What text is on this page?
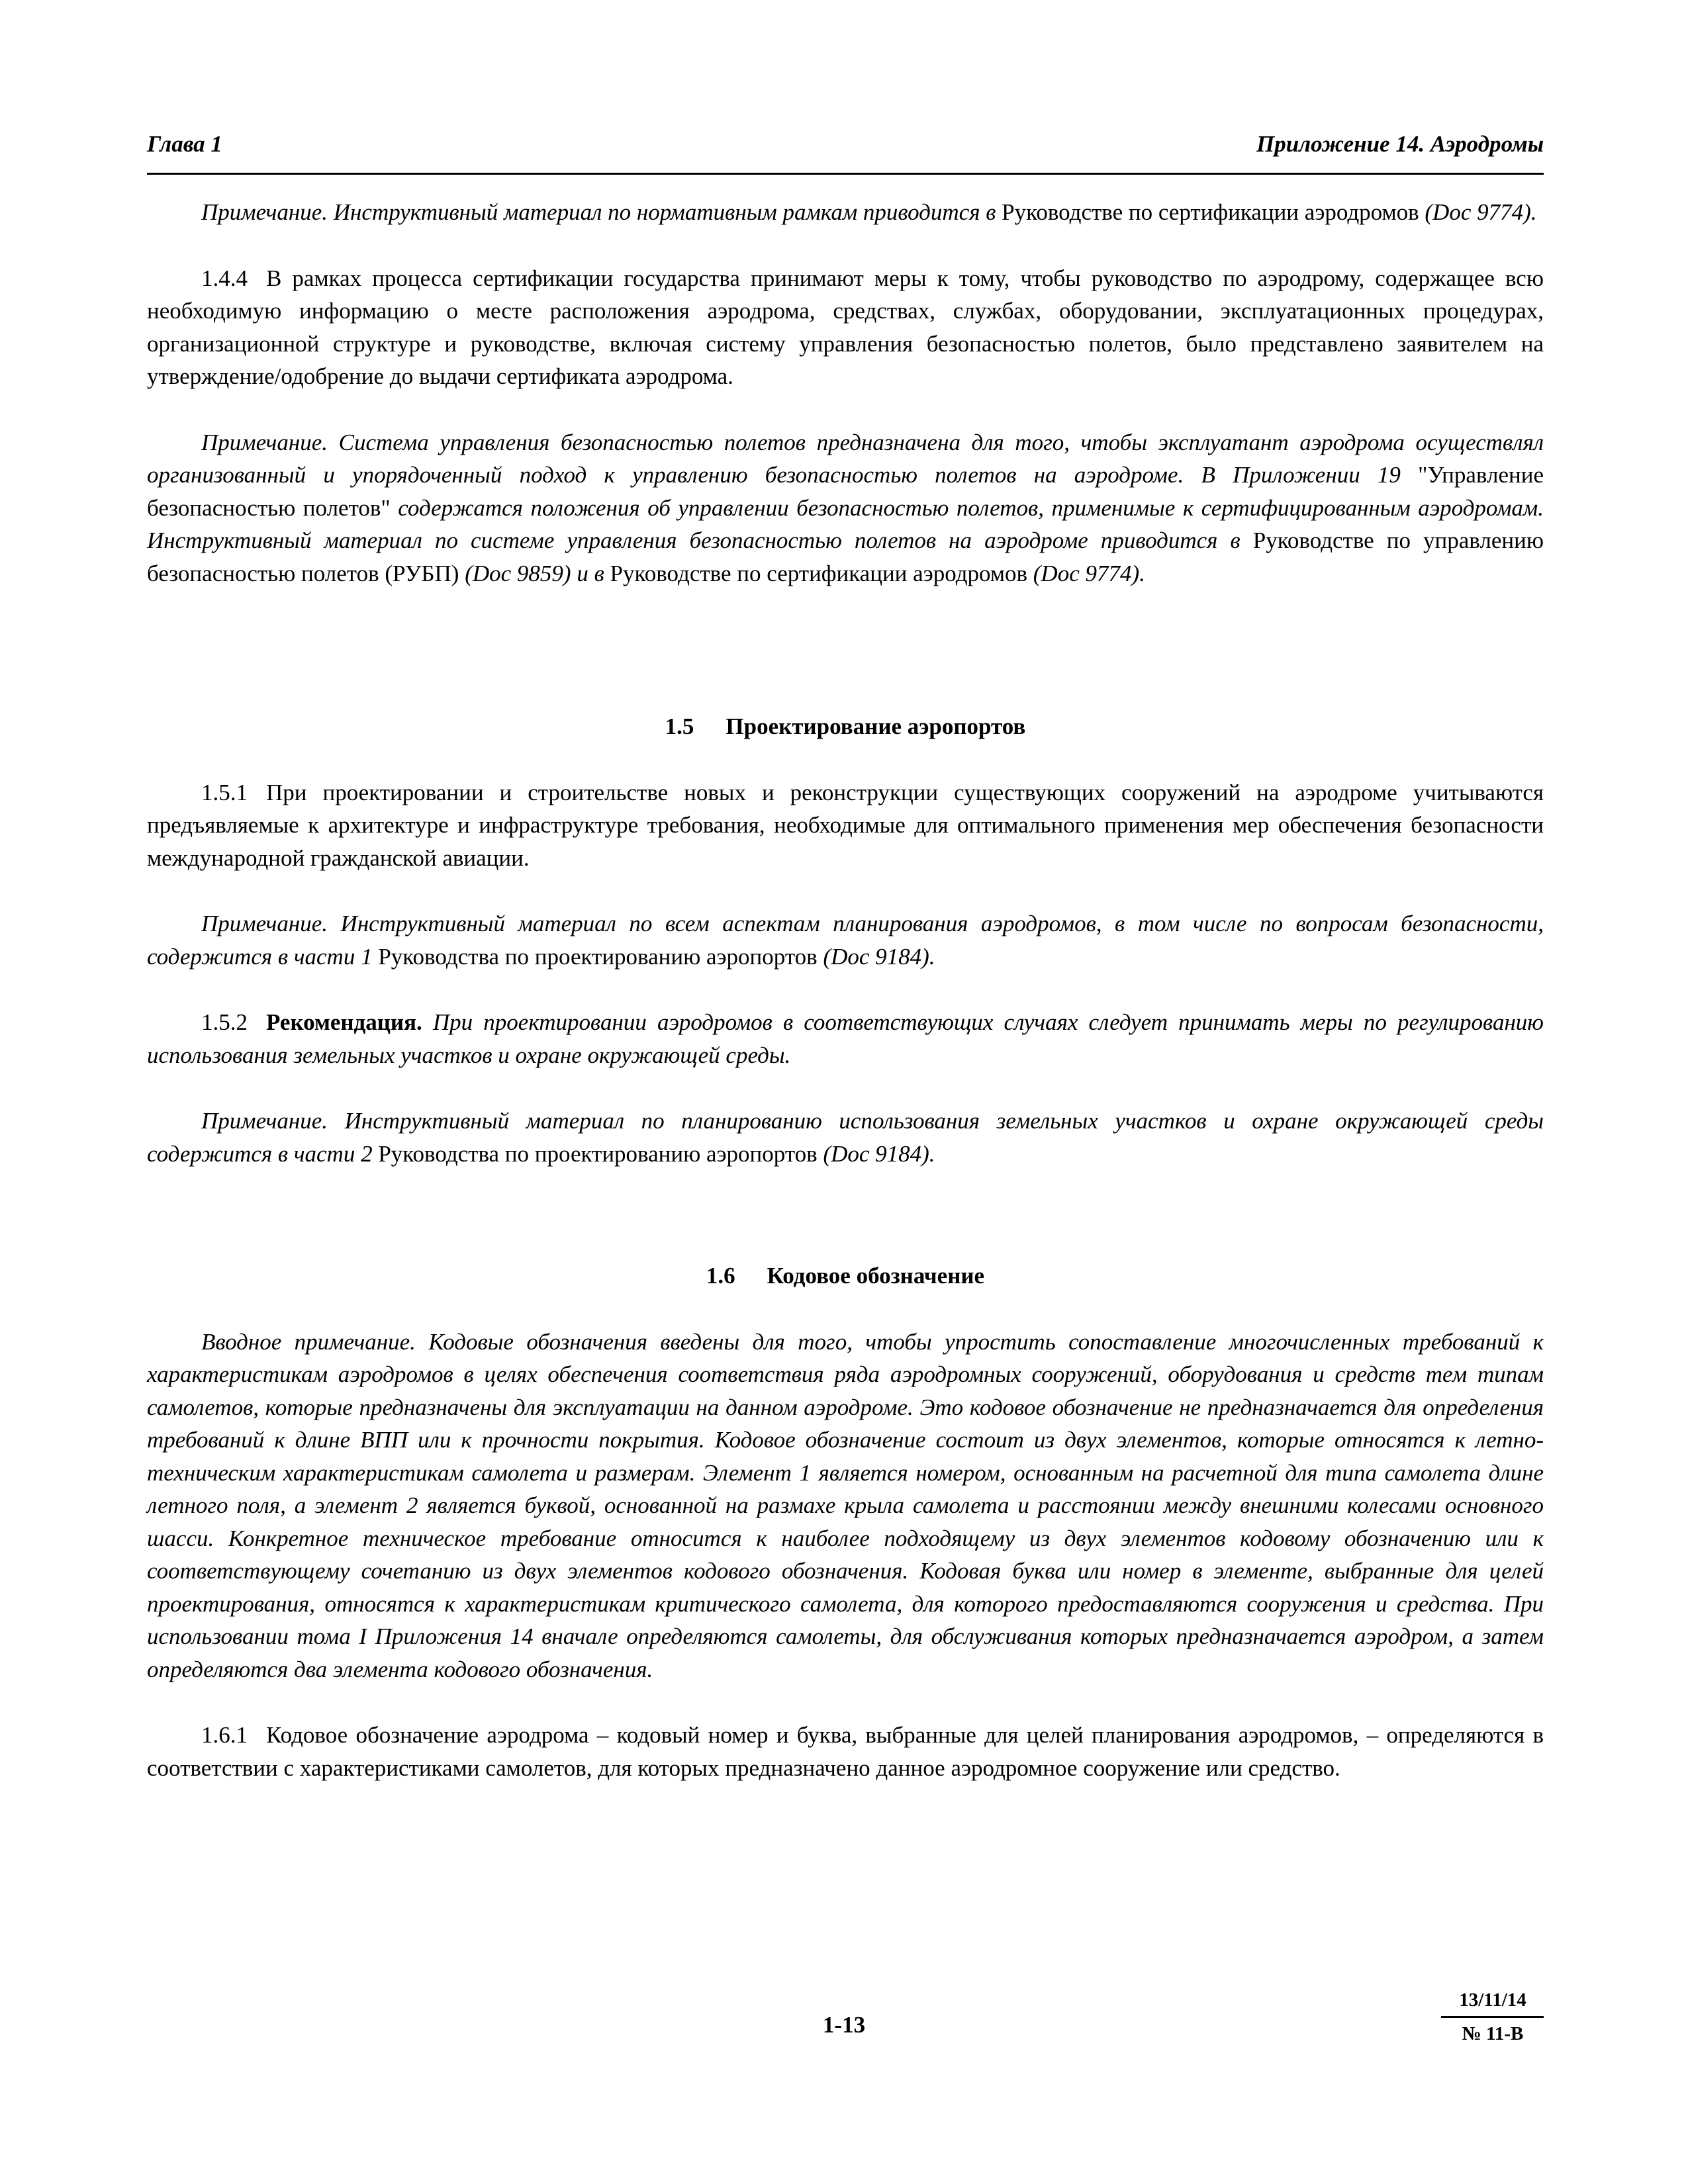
Глава 1	Приложение 14. Аэродромы

Примечание. Инструктивный материал по нормативным рамкам приводится в Руководстве по сертификации аэродромов (Doc 9774).

1.4.4 В рамках процесса сертификации государства принимают меры к тому, чтобы руководство по аэродрому, содержащее всю необходимую информацию о месте расположения аэродрома, средствах, службах, оборудовании, эксплуатационных процедурах, организационной структуре и руководстве, включая систему управления безопасностью полетов, было представлено заявителем на утверждение/одобрение до выдачи сертификата аэродрома.

Примечание. Система управления безопасностью полетов предназначена для того, чтобы эксплуатант аэродрома осуществлял организованный и упорядоченный подход к управлению безопасностью полетов на аэродроме. В Приложении 19 "Управление безопасностью полетов" содержатся положения об управлении безопасностью полетов, применимые к сертифицированным аэродромам. Инструктивный материал по системе управления безопасностью полетов на аэродроме приводится в Руководстве по управлению безопасностью полетов (РУБП) (Doc 9859) и в Руководстве по сертификации аэродромов (Doc 9774).

1.5 Проектирование аэропортов

1.5.1 При проектировании и строительстве новых и реконструкции существующих сооружений на аэродроме учитываются предъявляемые к архитектуре и инфраструктуре требования, необходимые для оптимального применения мер обеспечения безопасности международной гражданской авиации.

Примечание. Инструктивный материал по всем аспектам планирования аэродромов, в том числе по вопросам безопасности, содержится в части 1 Руководства по проектированию аэропортов (Doc 9184).

1.5.2 Рекомендация. При проектировании аэродромов в соответствующих случаях следует принимать меры по регулированию использования земельных участков и охране окружающей среды.

Примечание. Инструктивный материал по планированию использования земельных участков и охране окружающей среды содержится в части 2 Руководства по проектированию аэропортов (Doc 9184).

1.6 Кодовое обозначение

Вводное примечание. Кодовые обозначения введены для того, чтобы упростить сопоставление многочисленных требований к характеристикам аэродромов в целях обеспечения соответствия ряда аэродромных сооружений, оборудования и средств тем типам самолетов, которые предназначены для эксплуатации на данном аэродроме. Это кодовое обозначение не предназначается для определения требований к длине ВПП или к прочности покрытия. Кодовое обозначение состоит из двух элементов, которые относятся к летно-техническим характеристикам самолета и размерам. Элемент 1 является номером, основанным на расчетной для типа самолета длине летного поля, а элемент 2 является буквой, основанной на размахе крыла самолета и расстоянии между внешними колесами основного шасси. Конкретное техническое требование относится к наиболее подходящему из двух элементов кодовому обозначению или к соответствующему сочетанию из двух элементов кодового обозначения. Кодовая буква или номер в элементе, выбранные для целей проектирования, относятся к характеристикам критического самолета, для которого предоставляются сооружения и средства. При использовании тома I Приложения 14 вначале определяются самолеты, для обслуживания которых предназначается аэродром, а затем определяются два элемента кодового обозначения.

1.6.1 Кодовое обозначение аэродрома – кодовый номер и буква, выбранные для целей планирования аэродромов, – определяются в соответствии с характеристиками самолетов, для которых предназначено данное аэродромное сооружение или средство.

1-13
13/11/14
№ 11-B
